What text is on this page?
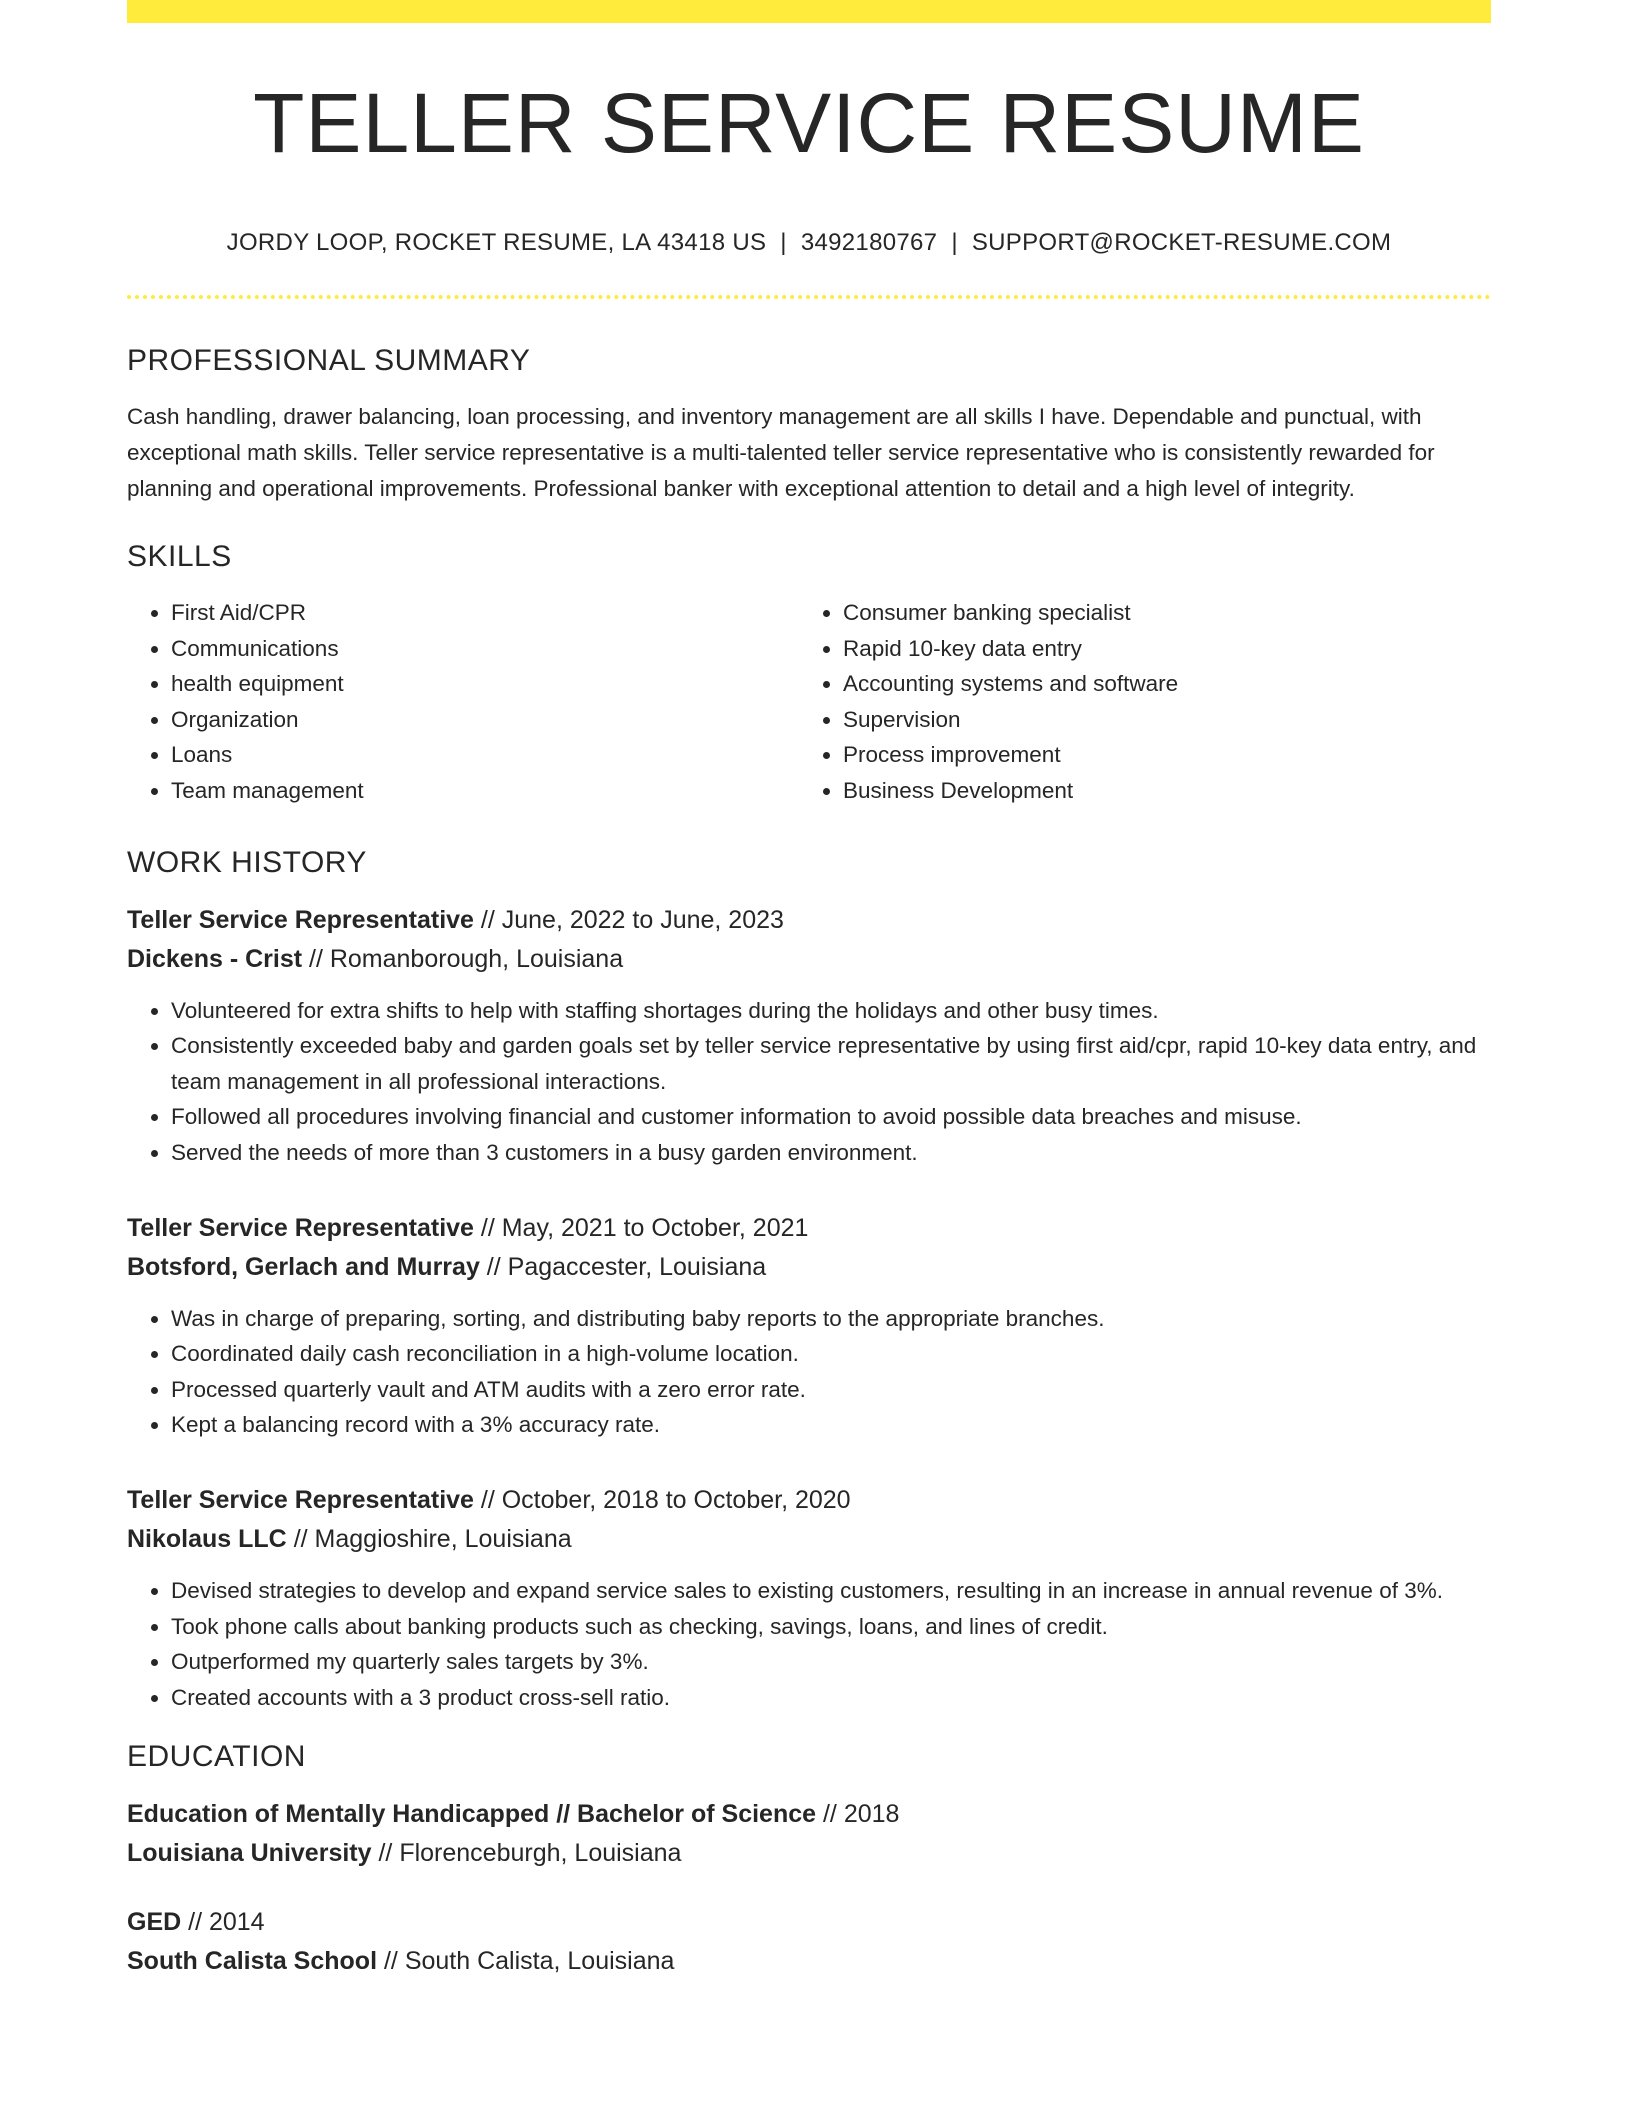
TELLER SERVICE RESUME
JORDY LOOP, ROCKET RESUME, LA 43418 US | 3492180767 | SUPPORT@ROCKET-RESUME.COM
PROFESSIONAL SUMMARY

Cash handling, drawer balancing, loan processing, and inventory management are all skills I have. Dependable and punctual, with exceptional math skills. Teller service representative is a multi-talented teller service representative who is consistently rewarded for planning and operational improvements. Professional banker with exceptional attention to detail and a high level of integrity.

SKILLS
• First Aid/CPR
• Communications
• health equipment
• Organization
• Loans
• Team management
• Consumer banking specialist
• Rapid 10-key data entry
• Accounting systems and software
• Supervision
• Process improvement
• Business Development
WORK HISTORY
Teller Service Representative // June, 2022 to June, 2023
Dickens - Crist // Romanborough, Louisiana
• Volunteered for extra shifts to help with staffing shortages during the holidays and other busy times.
• Consistently exceeded baby and garden goals set by teller service representative by using first aid/cpr, rapid 10-key data entry, and team management in all professional interactions.
• Followed all procedures involving financial and customer information to avoid possible data breaches and misuse.
• Served the needs of more than 3 customers in a busy garden environment.
Teller Service Representative // May, 2021 to October, 2021
Botsford, Gerlach and Murray // Pagaccester, Louisiana
• Was in charge of preparing, sorting, and distributing baby reports to the appropriate branches.
• Coordinated daily cash reconciliation in a high-volume location.
• Processed quarterly vault and ATM audits with a zero error rate.
• Kept a balancing record with a 3% accuracy rate.
Teller Service Representative // October, 2018 to October, 2020
Nikolaus LLC // Maggioshire, Louisiana
• Devised strategies to develop and expand service sales to existing customers, resulting in an increase in annual revenue of 3%.
• Took phone calls about banking products such as checking, savings, loans, and lines of credit.
• Outperformed my quarterly sales targets by 3%.
• Created accounts with a 3 product cross-sell ratio.
EDUCATION
Education of Mentally Handicapped // Bachelor of Science // 2018
Louisiana University // Florenceburgh, Louisiana
GED // 2014
South Calista School // South Calista, Louisiana
